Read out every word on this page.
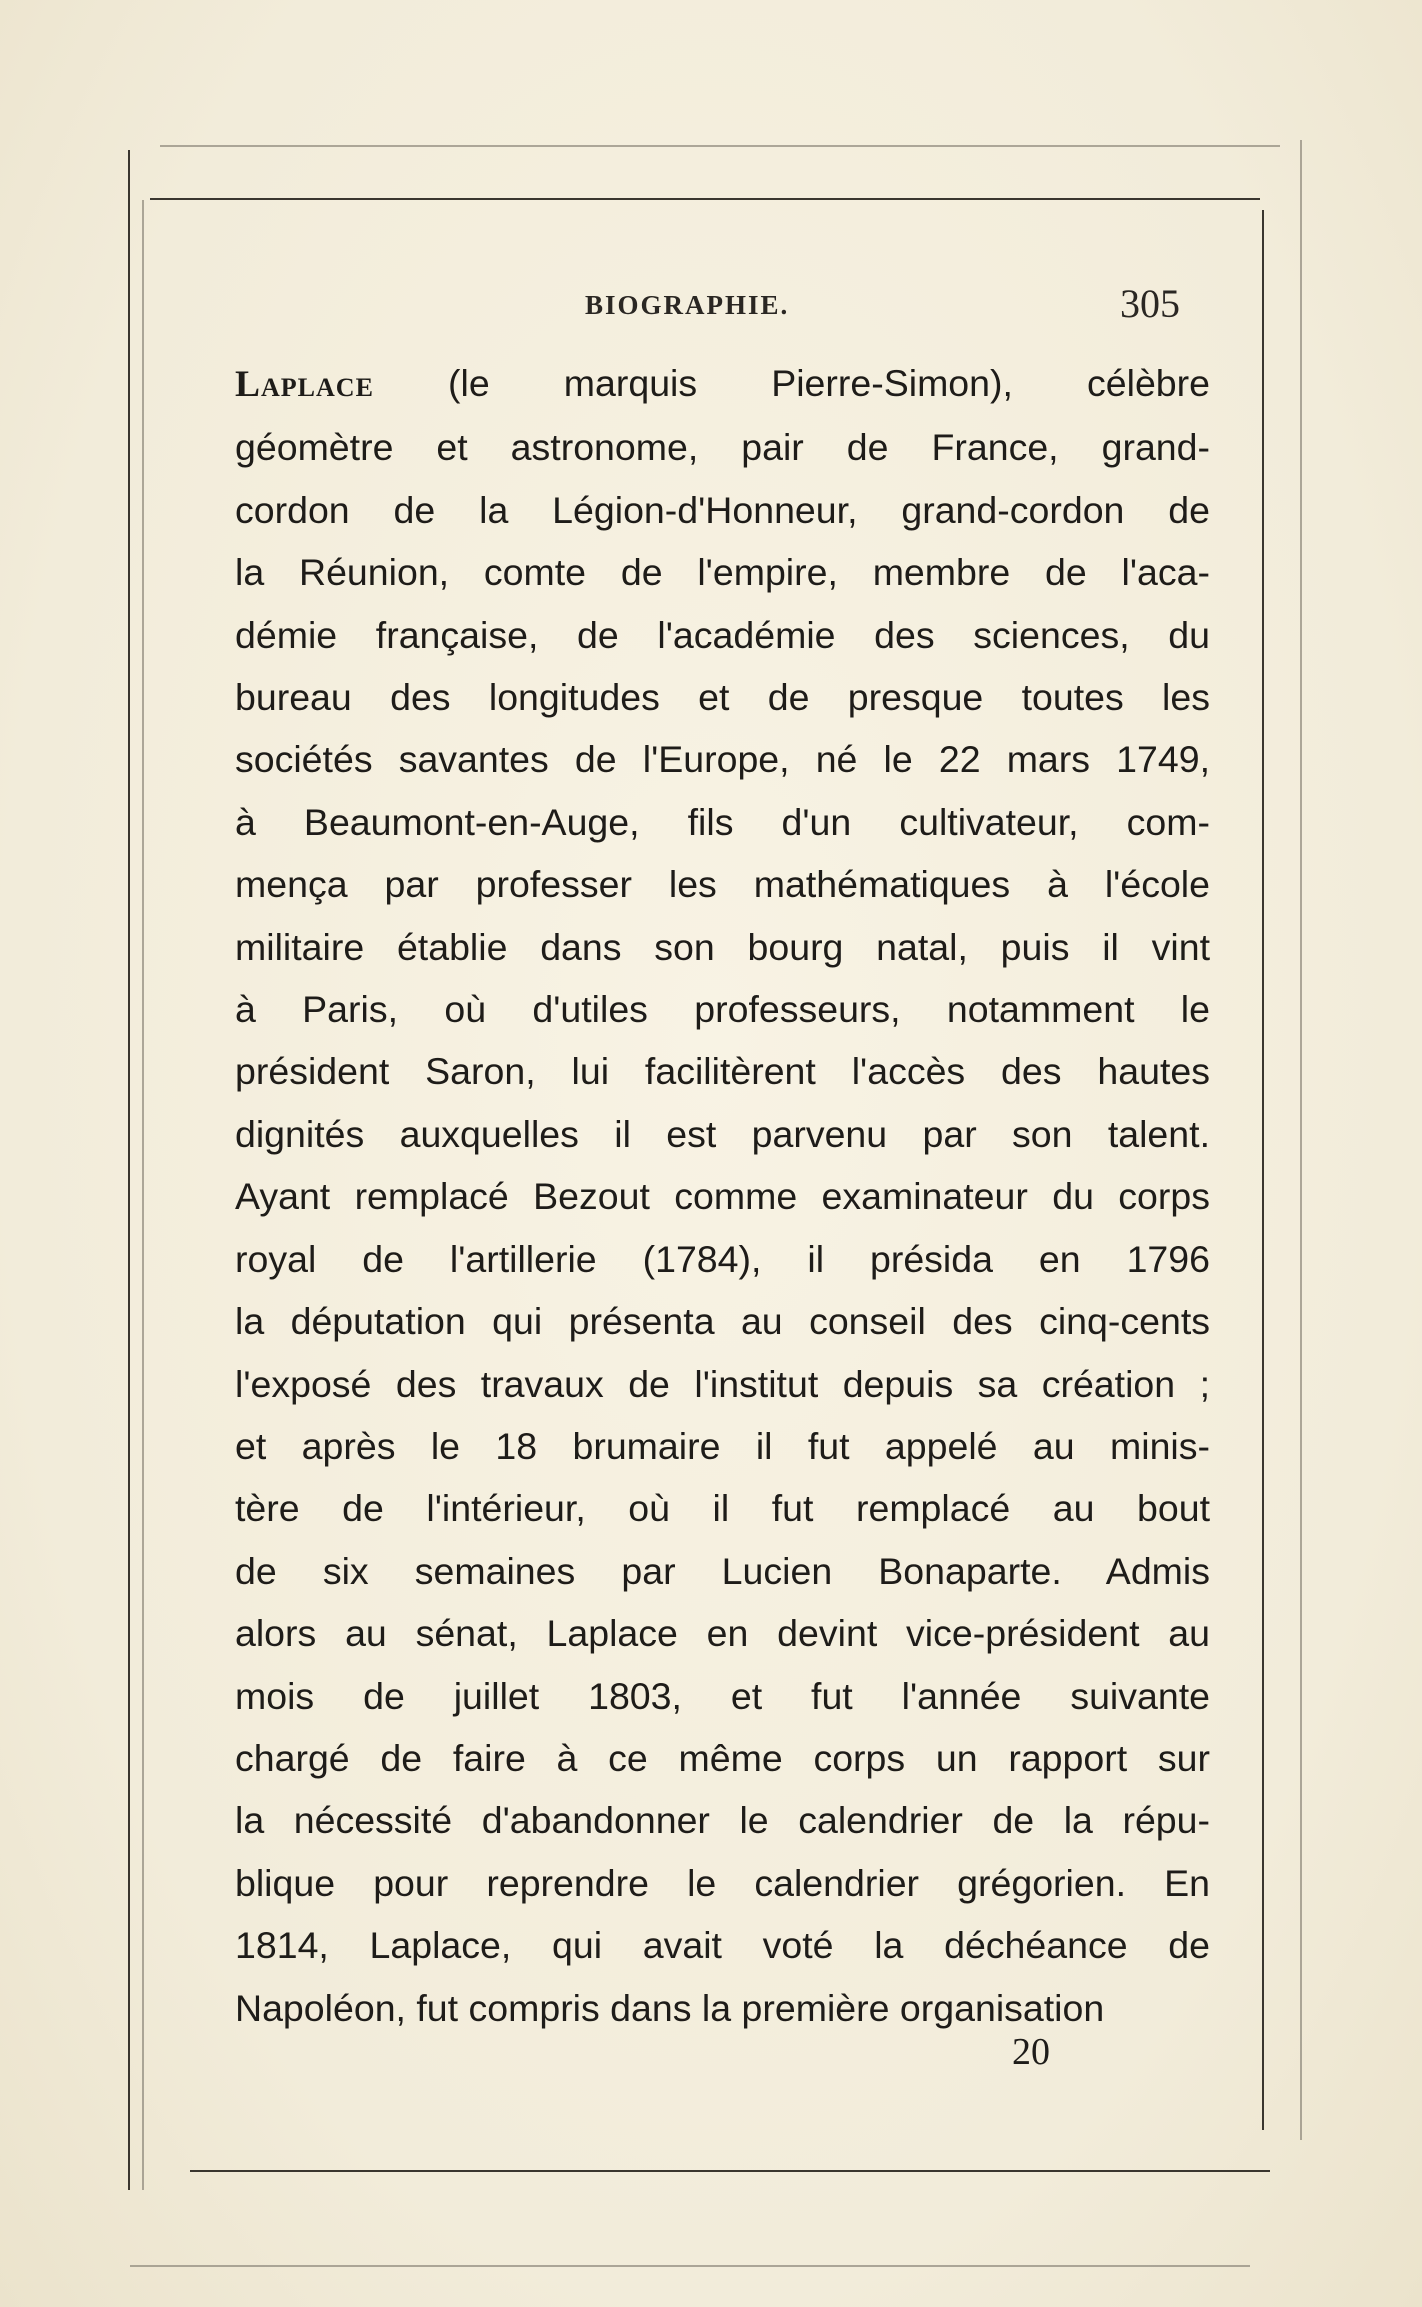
BIOGRAPHIE.	305
Laplace (le marquis Pierre-Simon), célèbre
géomètre et astronome, pair de France, grand-
cordon de la Légion-d'Honneur, grand-cordon de
la Réunion, comte de l'empire, membre de l'aca-
démie française, de l'académie des sciences, du
bureau des longitudes et de presque toutes les
sociétés savantes de l'Europe, né le 22 mars 1749,
à Beaumont-en-Auge, fils d'un cultivateur, com-
mença par professer les mathématiques à l'école
militaire établie dans son bourg natal, puis il vint
à Paris, où d'utiles professeurs, notamment le
président Saron, lui facilitèrent l'accès des hautes
dignités auxquelles il est parvenu par son talent.
Ayant remplacé Bezout comme examinateur du corps
royal de l'artillerie (1784), il présida en 1796
la députation qui présenta au conseil des cinq-cents
l'exposé des travaux de l'institut depuis sa création ;
et après le 18 brumaire il fut appelé au minis-
tère de l'intérieur, où il fut remplacé au bout
de six semaines par Lucien Bonaparte. Admis
alors au sénat, Laplace en devint vice-président au
mois de juillet 1803, et fut l'année suivante
chargé de faire à ce même corps un rapport sur
la nécessité d'abandonner le calendrier de la répu-
blique pour reprendre le calendrier grégorien. En
1814, Laplace, qui avait voté la déchéance de
Napoléon, fut compris dans la première organisation
20
